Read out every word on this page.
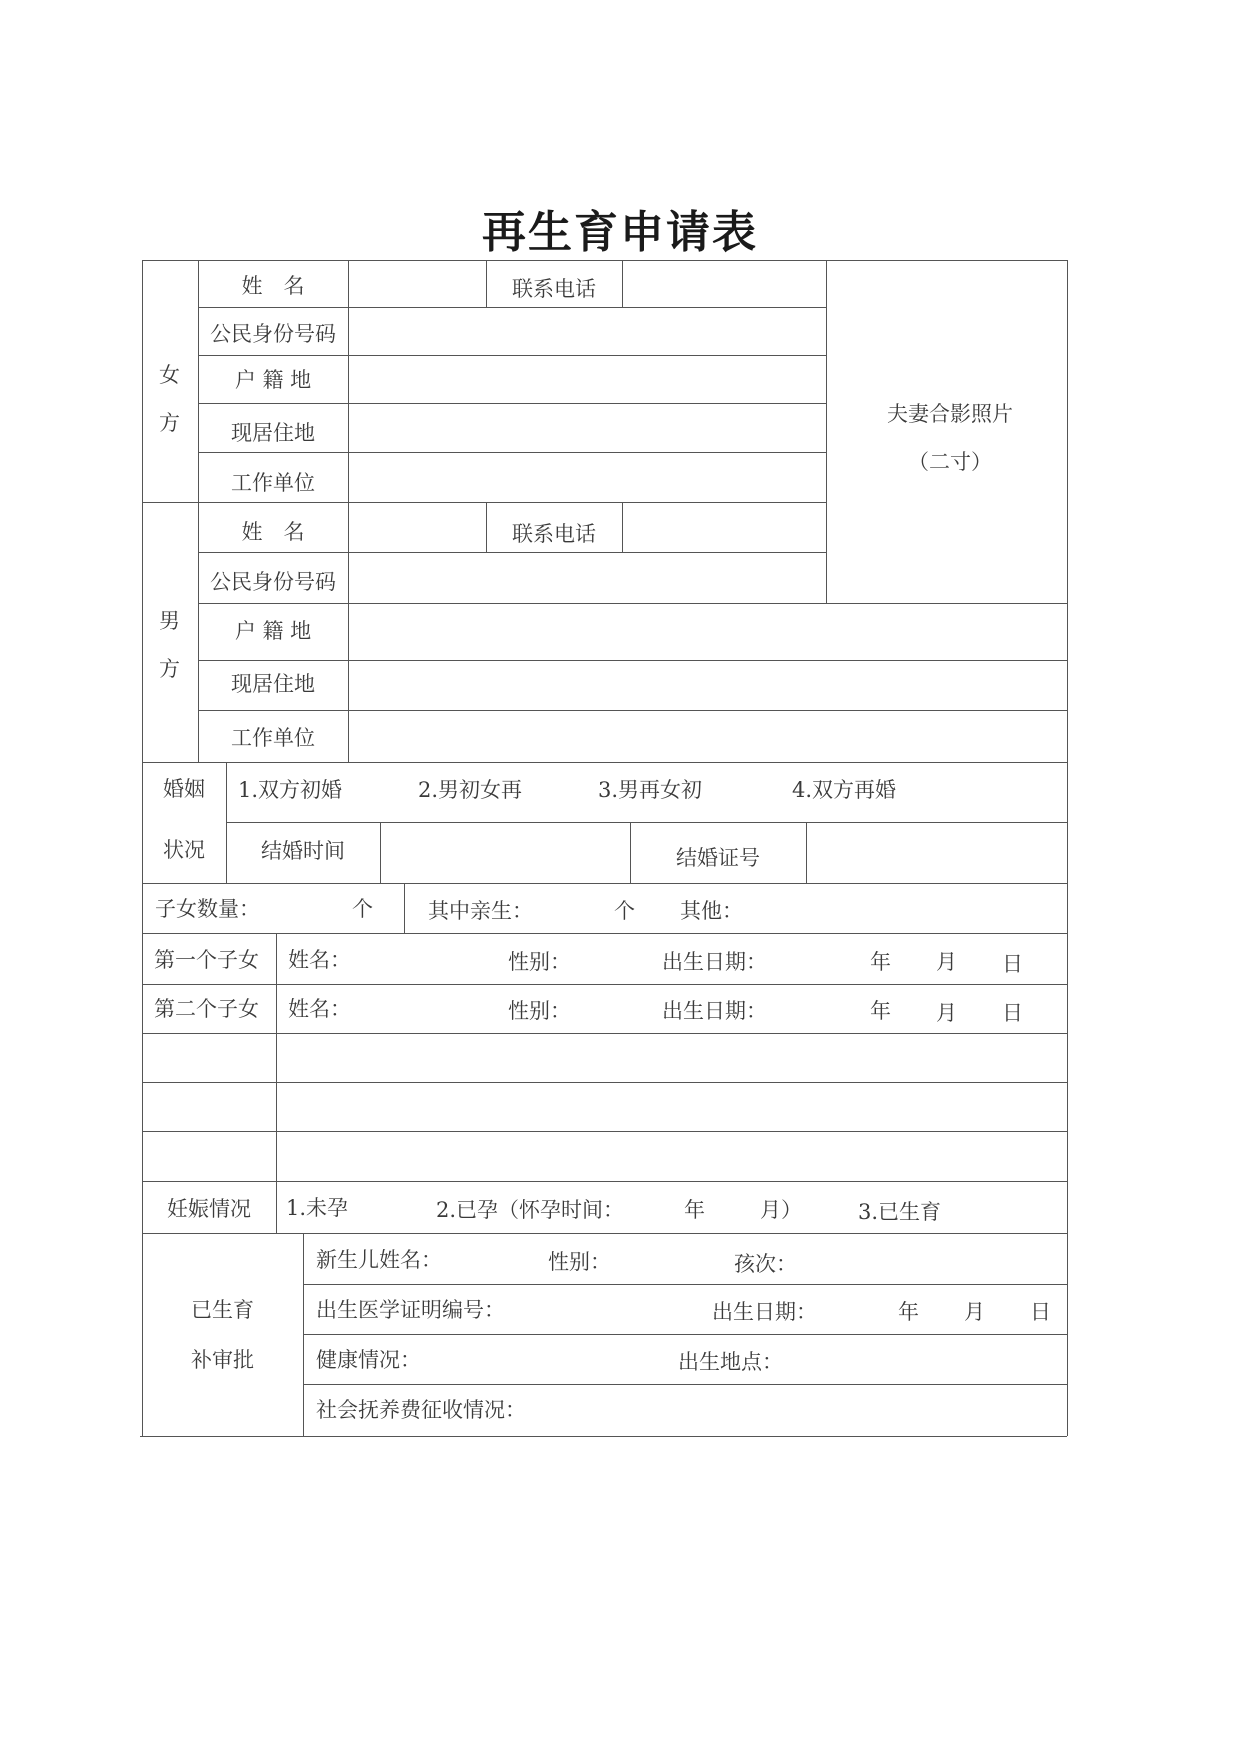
再生育申请表
女方
姓　名	联系电话
公民身份号码
户 籍 地
现居住地
工作单位
夫妻合影照片
（二寸）
男方
姓　名	联系电话
公民身份号码
户 籍 地
现居住地
工作单位
婚姻
状况
1.双方初婚	2.男初女再	3.男再女初	4.双方再婚
结婚时间	结婚证号
子女数量：	个	其中亲生：	个 其他：
第一个子女 姓名：	性别：	出生日期：	年 月 日
第二个子女 姓名：	性别：	出生日期：	年 月 日
妊娠情况	1.未孕	2.已孕（怀孕时间：	年	月）	3.已生育
已生育
补审批
新生儿姓名：	性别：	孩次：
出生医学证明编号：	出生日期：	年 月 日
健康情况：	出生地点：
社会抚养费征收情况：
